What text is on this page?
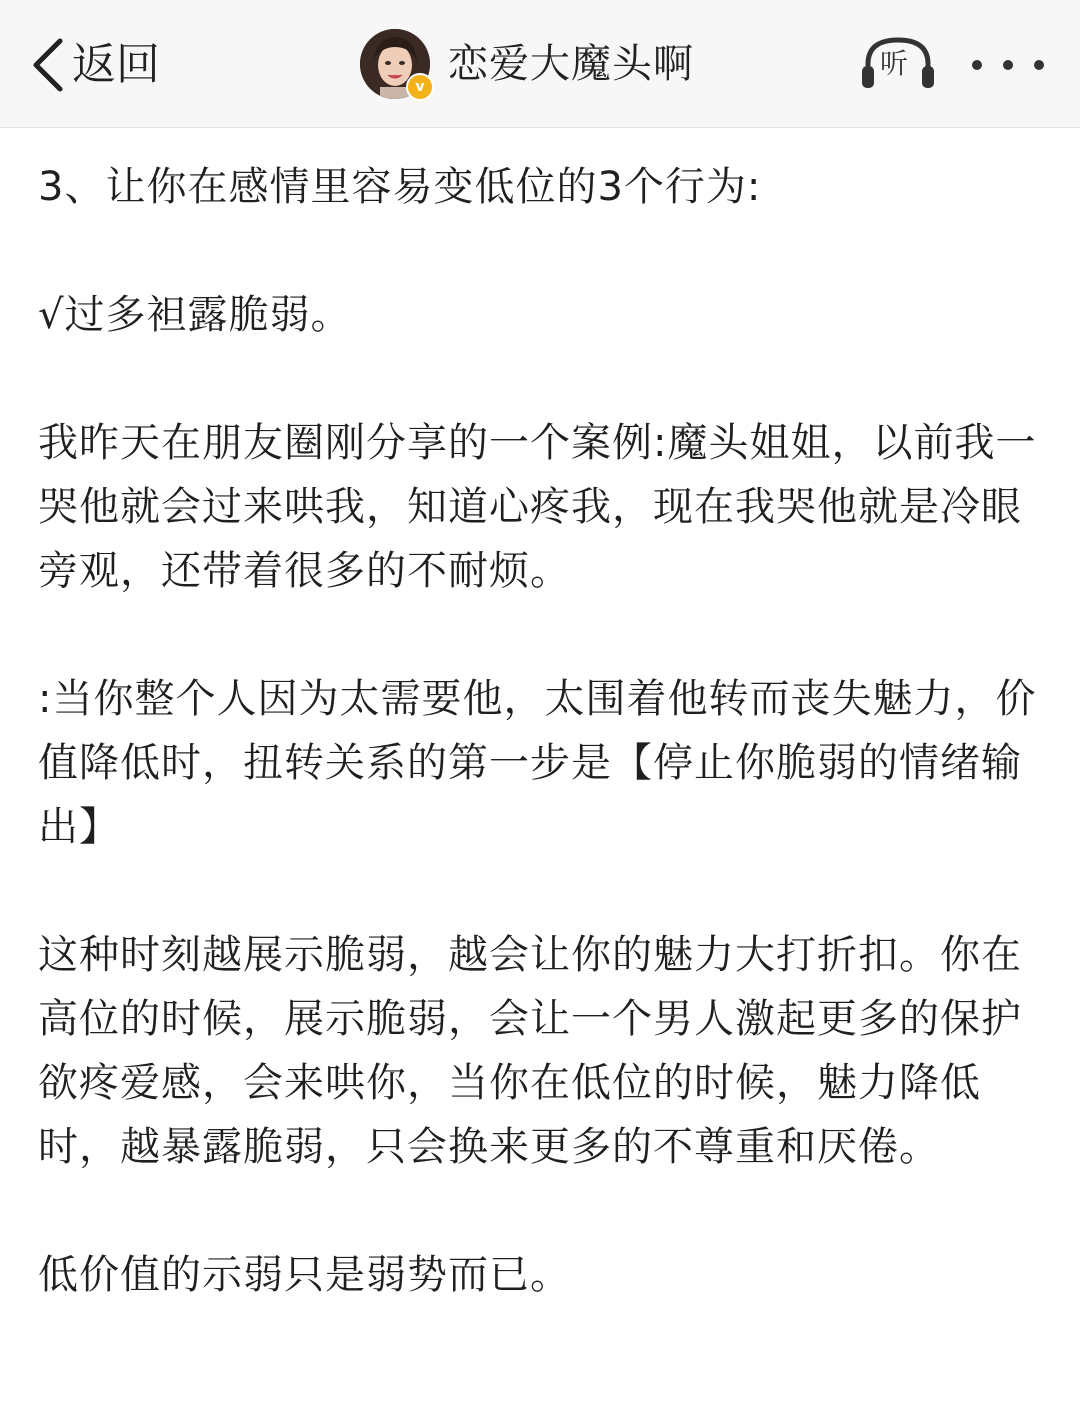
返回	v 恋爱大魔头啊	听

3、让你在感情里容易变低位的3个行为:

√过多袒露脆弱。

我昨天在朋友圈刚分享的一个案例:魔头姐姐，以前我一哭他就会过来哄我，知道心疼我，现在我哭他就是冷眼旁观，还带着很多的不耐烦。

:当你整个人因为太需要他，太围着他转而丧失魅力，价值降低时，扭转关系的第一步是【停止你脆弱的情绪输出】

这种时刻越展示脆弱，越会让你的魅力大打折扣。你在高位的时候，展示脆弱，会让一个男人激起更多的保护欲疼爱感，会来哄你，当你在低位的时候，魅力降低时，越暴露脆弱，只会换来更多的不尊重和厌倦。

低价值的示弱只是弱势而已。
